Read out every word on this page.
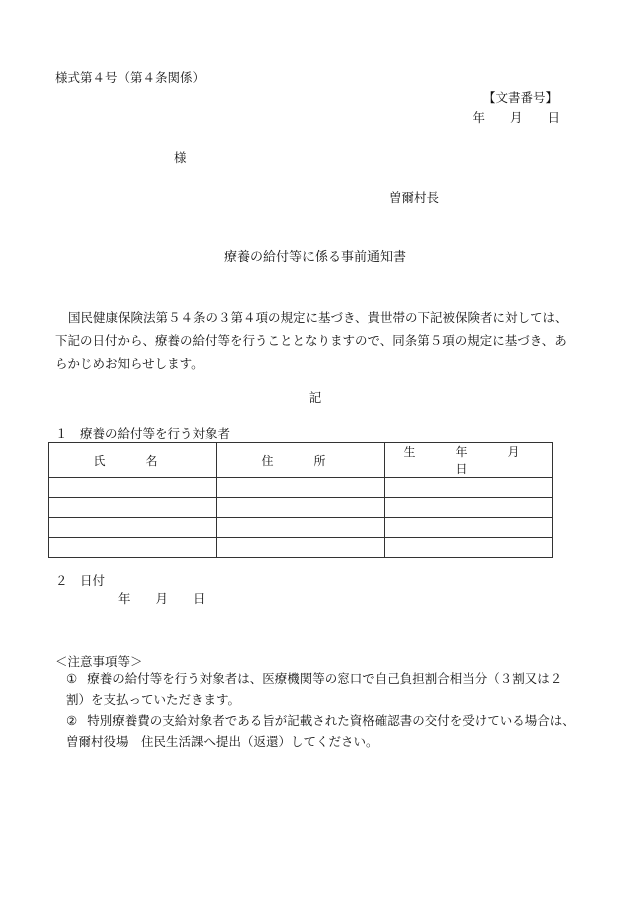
様式第４号（第４条関係）
【文書番号】
年　　月　　日
様
曽爾村長
療養の給付等に係る事前通知書
国民健康保険法第５４条の３第４項の規定に基づき、貴世帯の下記被保険者に対しては、下記の日付から、療養の給付等を行うこととなりますので、同条第５項の規定に基づき、あらかじめお知らせします。
記
１　療養の給付等を行う対象者
氏　名	住　所	生　年　月　日

２　日付
年　　月　　日
＜注意事項等＞
① 療養の給付等を行う対象者は、医療機関等の窓口で自己負担割合相当分（３割又は２割）を支払っていただきます。
② 特別療養費の支給対象者である旨が記載された資格確認書の交付を受けている場合は、曽爾村役場　住民生活課へ提出（返還）してください。
